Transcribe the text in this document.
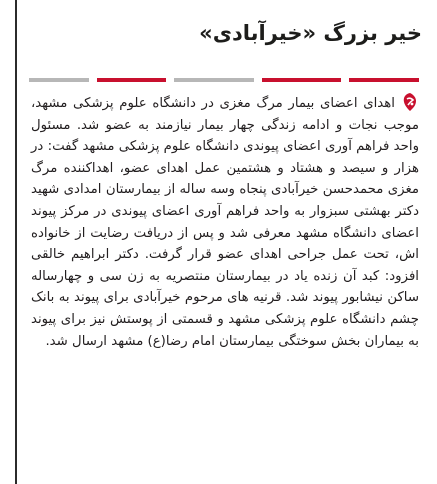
خیر بزرگ «خیرآبادی»
اهدای اعضای بیمار مرگ مغزی در دانشگاه علوم پزشکی مشهد، موجب نجات و ادامه زندگی چهار بیمار نیازمند به عضو شد. مسئول واحد فراهم آوری اعضای پیوندی دانشگاه علوم پزشکی مشهد گفت: در هزار و سیصد و هشتاد و هشتمین عمل اهدای عضو، اهداکننده مرگ مغزی محمدحسن خیرآبادی پنجاه وسه ساله از بیمارستان امدادی شهید دکتر بهشتی سبزوار به واحد فراهم آوری اعضای پیوندی در مرکز پیوند اعضای دانشگاه مشهد معرفی شد و پس از دریافت رضایت از خانواده اش، تحت عمل جراحی اهدای عضو قرار گرفت. دکتر ابراهیم خالقی افزود: کبد آن زنده یاد در بیمارستان منتصریه به زن سی و چهارساله ساکن نیشابور پیوند شد. قرنیه های مرحوم خیرآبادی برای پیوند به بانک چشم دانشگاه علوم پزشکی مشهد و قسمتی از پوستش نیز برای پیوند به بیماران بخش سوختگی بیمارستان امام رضا(ع) مشهد ارسال شد.
